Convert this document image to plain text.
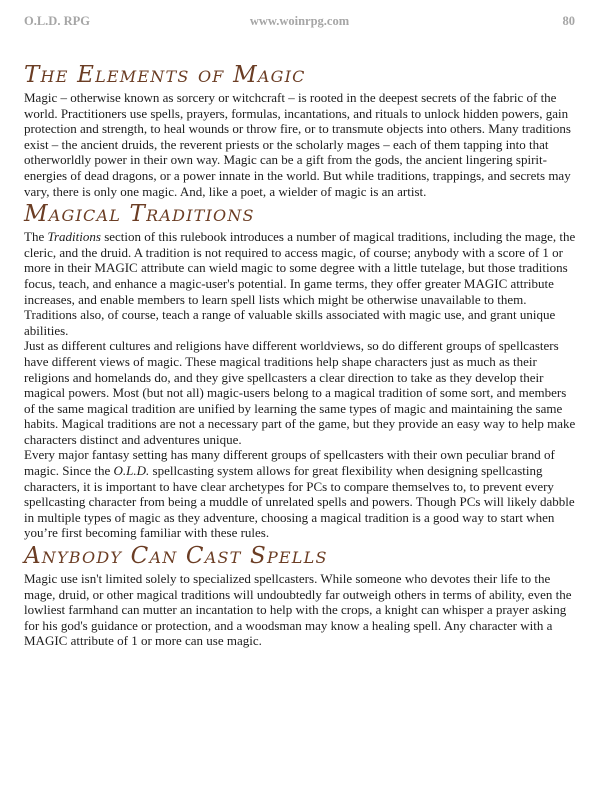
O.L.D. RPG	www.woinrpg.com	80
The Elements of Magic

Magic – otherwise known as sorcery or witchcraft – is rooted in the deepest secrets of the fabric of the world. Practitioners use spells, prayers, formulas, incantations, and rituals to unlock hidden powers, gain protection and strength, to heal wounds or throw fire, or to transmute objects into others. Many traditions exist – the ancient druids, the reverent priests or the scholarly mages – each of them tapping into that otherworldly power in their own way. Magic can be a gift from the gods, the ancient lingering spirit-energies of dead dragons, or a power innate in the world. But while traditions, trappings, and secrets may vary, there is only one magic. And, like a poet, a wielder of magic is an artist.

Magical Traditions

The Traditions section of this rulebook introduces a number of magical traditions, including the mage, the cleric, and the druid. A tradition is not required to access magic, of course; anybody with a score of 1 or more in their MAGIC attribute can wield magic to some degree with a little tutelage, but those traditions focus, teach, and enhance a magic-user's potential. In game terms, they offer greater MAGIC attribute increases, and enable members to learn spell lists which might be otherwise unavailable to them. Traditions also, of course, teach a range of valuable skills associated with magic use, and grant unique abilities.

Just as different cultures and religions have different worldviews, so do different groups of spellcasters have different views of magic. These magical traditions help shape characters just as much as their religions and homelands do, and they give spellcasters a clear direction to take as they develop their magical powers. Most (but not all) magic-users belong to a magical tradition of some sort, and members of the same magical tradition are unified by learning the same types of magic and maintaining the same habits. Magical traditions are not a necessary part of the game, but they provide an easy way to help make characters distinct and adventures unique.

Every major fantasy setting has many different groups of spellcasters with their own peculiar brand of magic. Since the O.L.D. spellcasting system allows for great flexibility when designing spellcasting characters, it is important to have clear archetypes for PCs to compare themselves to, to prevent every spellcasting character from being a muddle of unrelated spells and powers. Though PCs will likely dabble in multiple types of magic as they adventure, choosing a magical tradition is a good way to start when you’re first becoming familiar with these rules.

Anybody Can Cast Spells

Magic use isn't limited solely to specialized spellcasters. While someone who devotes their life to the mage, druid, or other magical traditions will undoubtedly far outweigh others in terms of ability, even the lowliest farmhand can mutter an incantation to help with the crops, a knight can whisper a prayer asking for his god's guidance or protection, and a woodsman may know a healing spell. Any character with a MAGIC attribute of 1 or more can use magic.
